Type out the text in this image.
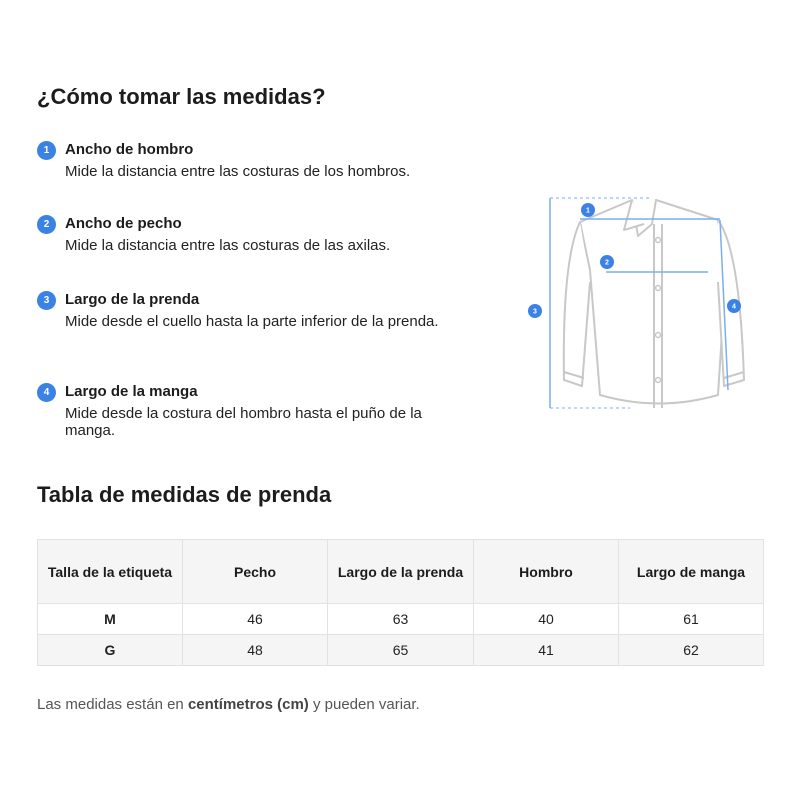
¿Cómo tomar las medidas?
1	Ancho de hombro
Mide la distancia entre las costuras de los hombros.
2	Ancho de pecho
Mide la distancia entre las costuras de las axilas.
3	Largo de la prenda
Mide desde el cuello hasta la parte inferior de la prenda.
4	Largo de la manga
Mide desde la costura del hombro hasta el puño de la manga.
1
2
3
4
Tabla de medidas de prenda
Talla de la etiqueta	Pecho	Largo de la prenda	Hombro	Largo de manga
M	46	63	40	61
G	48	65	41	62
Las medidas están en centímetros (cm) y pueden variar.
